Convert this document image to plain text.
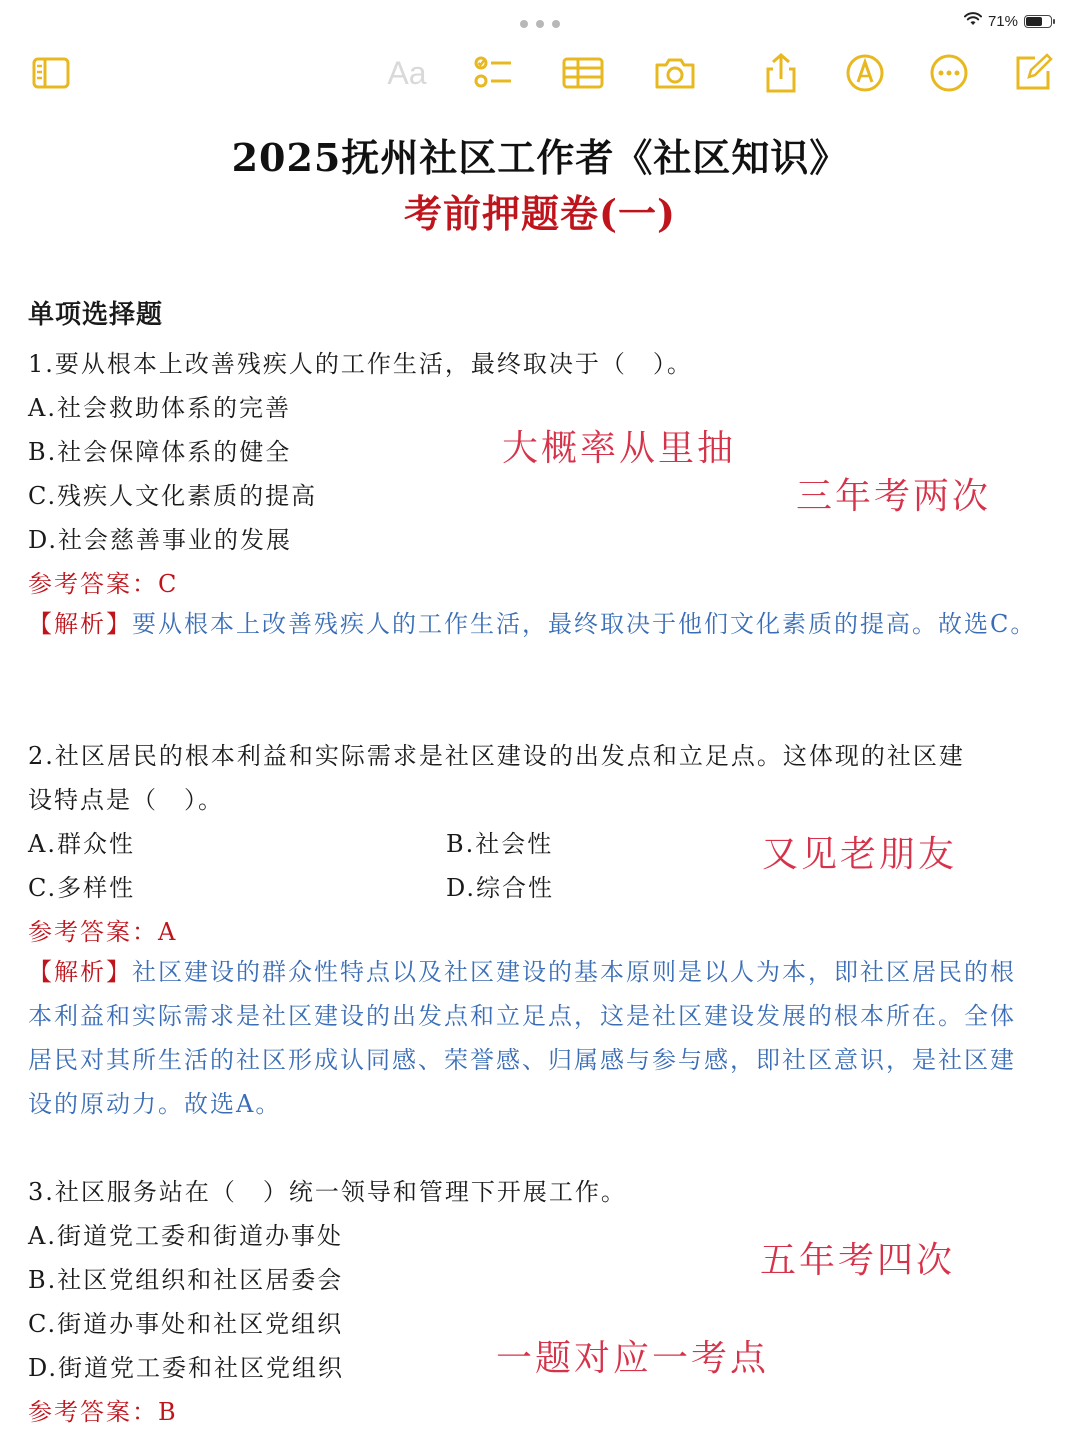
71%
Aa
2025抚州社区工作者《社区知识》
考前押题卷(一)
单项选择题
1.要从根本上改善残疾人的工作生活，最终取决于（　）。
A.社会救助体系的完善
B.社会保障体系的健全
C.残疾人文化素质的提高
D.社会慈善事业的发展
参考答案：C
【解析】要从根本上改善残疾人的工作生活，最终取决于他们文化素质的提高。故选C。
2.社区居民的根本利益和实际需求是社区建设的出发点和立足点。这体现的社区建
设特点是（　）。
A.群众性	B.社会性
C.多样性	D.综合性
参考答案：A
【解析】社区建设的群众性特点以及社区建设的基本原则是以人为本，即社区居民的根本利益和实际需求是社区建设的出发点和立足点，这是社区建设发展的根本所在。全体居民对其所生活的社区形成认同感、荣誉感、归属感与参与感，即社区意识，是社区建设的原动力。故选A。
3.社区服务站在（　）统一领导和管理下开展工作。
A.街道党工委和街道办事处
B.社区党组织和社区居委会
C.街道办事处和社区党组织
D.街道党工委和社区党组织
参考答案：B
大概率从里抽
三年考两次
又见老朋友
五年考四次
一题对应一考点
